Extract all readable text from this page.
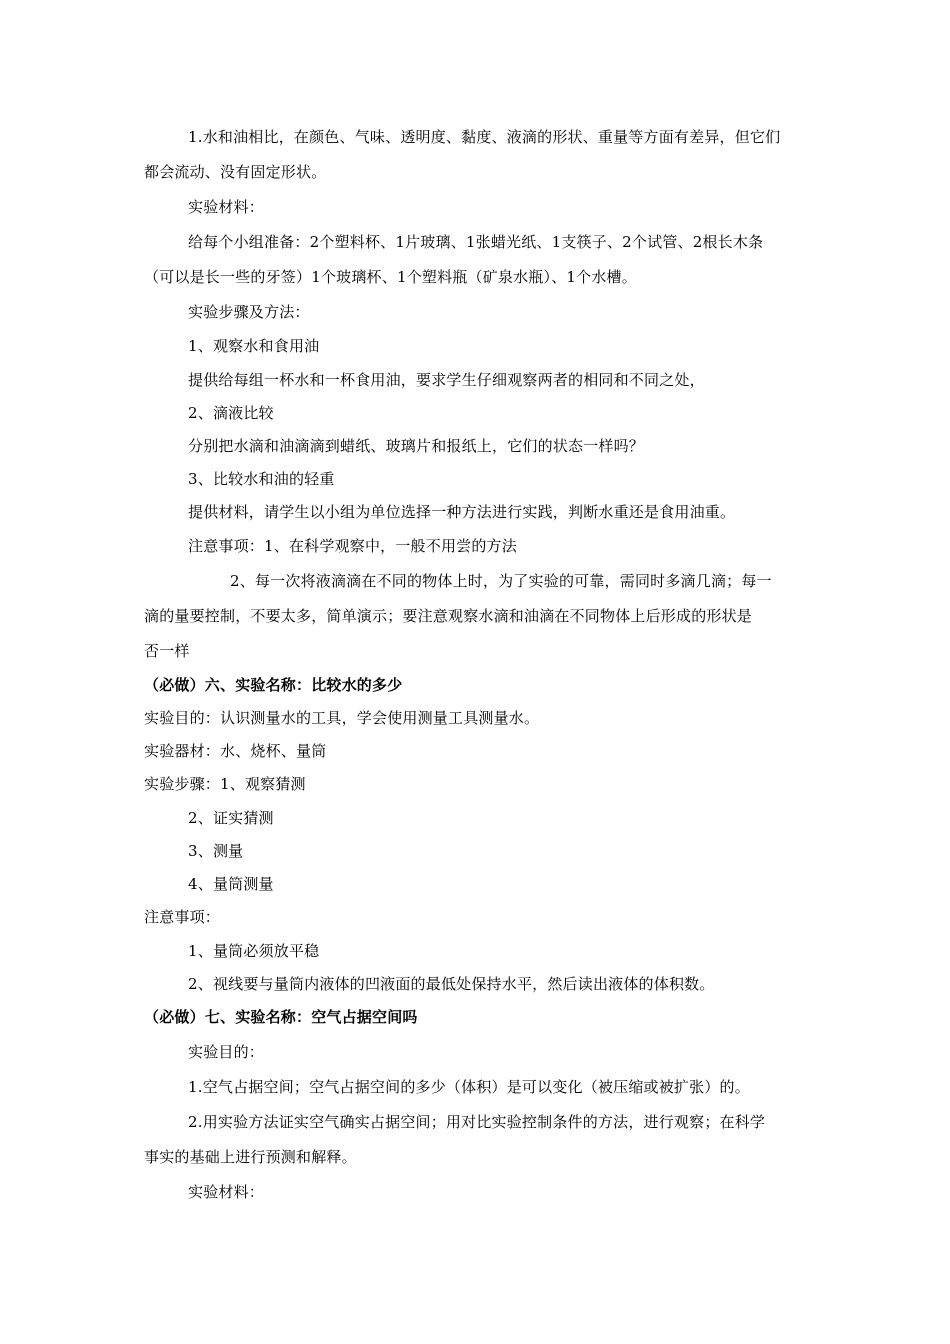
1.水和油相比，在颜色、气味、透明度、黏度、液滴的形状、重量等方面有差异，但它们
都会流动、没有固定形状。
实验材料：
给每个小组准备：2个塑料杯、1片玻璃、1张蜡光纸、1支筷子、2个试管、2根长木条
（可以是长一些的牙签）1个玻璃杯、1个塑料瓶（矿泉水瓶）、1个水槽。
实验步骤及方法：
1、观察水和食用油
提供给每组一杯水和一杯食用油，要求学生仔细观察两者的相同和不同之处，
2、滴液比较
分别把水滴和油滴滴到蜡纸、玻璃片和报纸上，它们的状态一样吗？
3、比较水和油的轻重
提供材料，请学生以小组为单位选择一种方法进行实践，判断水重还是食用油重。
注意事项：1、在科学观察中，一般不用尝的方法
2、每一次将液滴滴在不同的物体上时，为了实验的可靠，需同时多滴几滴；每一
滴的量要控制，不要太多，简单演示；要注意观察水滴和油滴在不同物体上后形成的形状是
否一样
（必做）六、实验名称：比较水的多少
实验目的：认识测量水的工具，学会使用测量工具测量水。
实验器材：水、烧杯、量筒
实验步骤：1、观察猜测
2、证实猜测
3、测量
4、量筒测量
注意事项：
1、量筒必须放平稳
2、视线要与量筒内液体的凹液面的最低处保持水平，然后读出液体的体积数。
（必做）七、实验名称：空气占据空间吗
实验目的：
1.空气占据空间；空气占据空间的多少（体积）是可以变化（被压缩或被扩张）的。
2.用实验方法证实空气确实占据空间；用对比实验控制条件的方法，进行观察；在科学
事实的基础上进行预测和解释。
实验材料：
